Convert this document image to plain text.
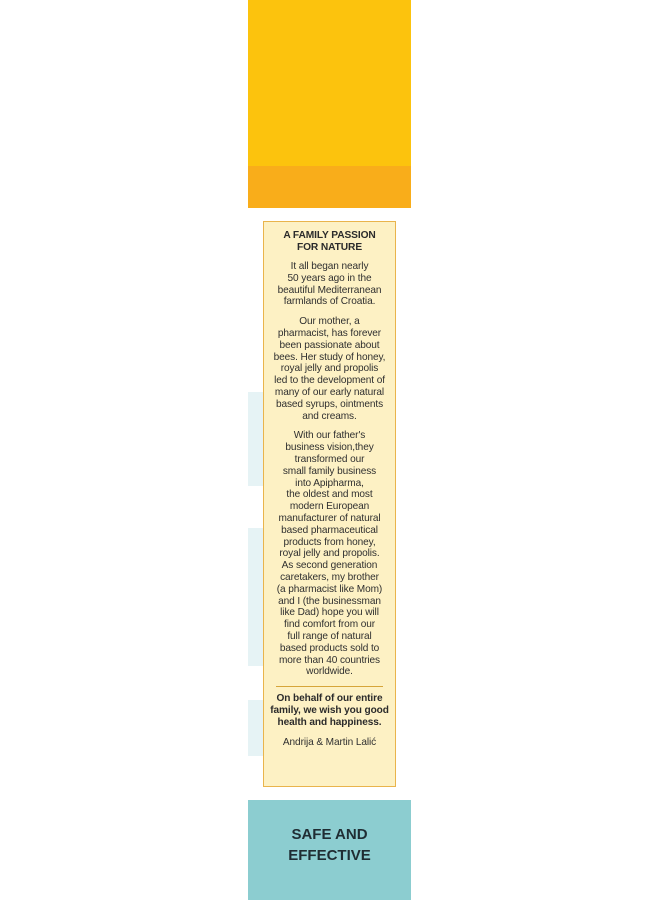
A FAMILY PASSION
FOR NATURE

It all began nearly
50 years ago in the
beautiful Mediterranean
farmlands of Croatia.

Our mother, a
pharmacist, has forever
been passionate about
bees. Her study of honey,
royal jelly and propolis
led to the development of
many of our early natural
based syrups, ointments
and creams.

With our father's
business vision,they
transformed our
small family business
into Apipharma,
the oldest and most
modern European
manufacturer of natural
based pharmaceutical
products from honey,
royal jelly and propolis.
As second generation
caretakers, my brother
(a pharmacist like Mom)
and I (the businessman
like Dad) hope you will
find comfort from our
full range of natural
based products sold to
more than 40 countries
worldwide.

On behalf of our entire
family, we wish you good
health and happiness.

Andrija & Martin Lalić

SAFE AND
EFFECTIVE
